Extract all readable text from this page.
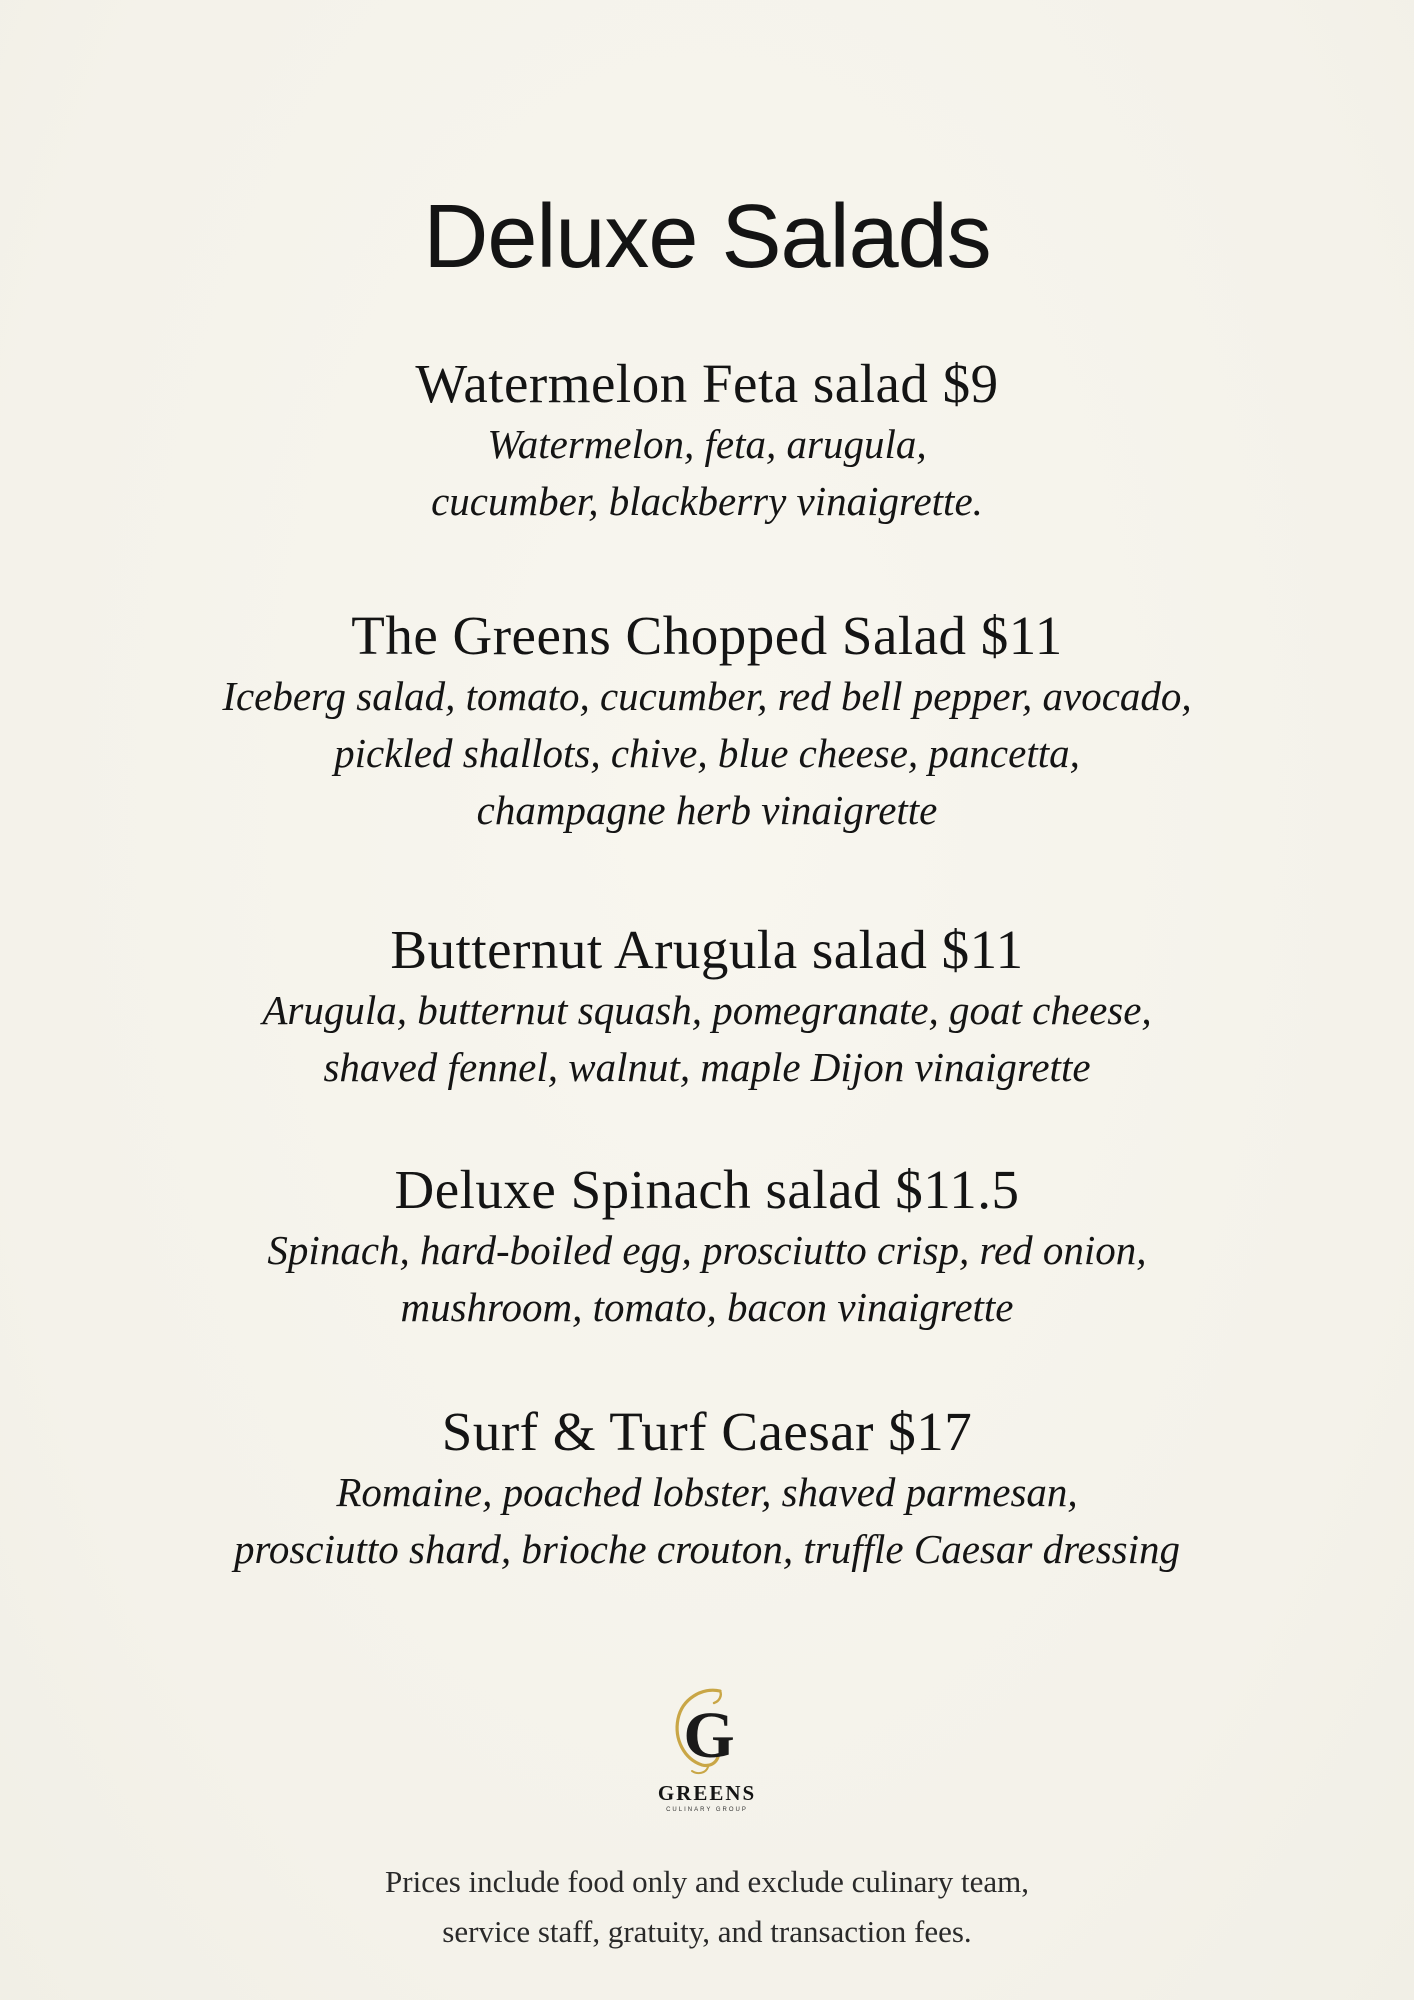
Deluxe Salads
Watermelon Feta salad $9
Watermelon, feta, arugula,
cucumber, blackberry vinaigrette.
The Greens Chopped Salad $11
Iceberg salad, tomato, cucumber, red bell pepper, avocado,
pickled shallots, chive, blue cheese, pancetta,
champagne herb vinaigrette
Butternut Arugula salad $11
Arugula, butternut squash, pomegranate, goat cheese,
shaved fennel, walnut, maple Dijon vinaigrette
Deluxe Spinach salad $11.5
Spinach, hard-boiled egg, prosciutto crisp, red onion,
mushroom, tomato, bacon vinaigrette
Surf & Turf Caesar $17
Romaine, poached lobster, shaved parmesan,
prosciutto shard, brioche crouton, truffle Caesar dressing
G
GREENS
CULINARY GROUP
Prices include food only and exclude culinary team,
service staff, gratuity, and transaction fees.
